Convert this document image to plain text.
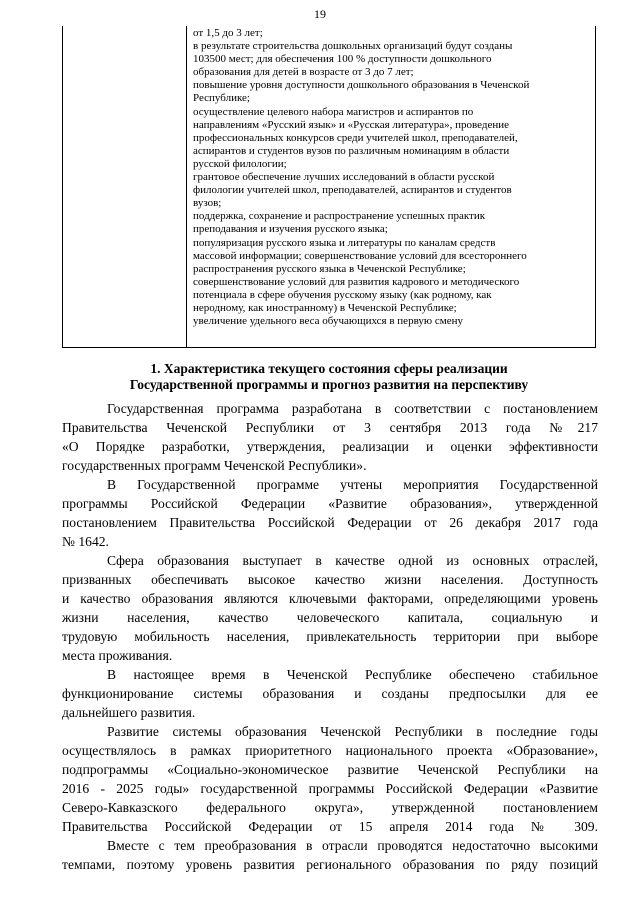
19
от 1,5 до 3 лет;
в результате строительства дошкольных организаций будут созданы
103500 мест; для обеспечения 100 % доступности дошкольного
образования для детей в возрасте от 3 до 7 лет;
повышение уровня доступности дошкольного образования в Чеченской
Республике;
осуществление целевого набора магистров и аспирантов по
направлениям «Русский язык» и «Русская литература», проведение
профессиональных конкурсов среди учителей школ, преподавателей,
аспирантов и студентов вузов по различным номинациям в области
русской филологии;
грантовое обеспечение лучших исследований в области русской
филологии учителей школ, преподавателей, аспирантов и студентов
вузов;
поддержка, сохранение и распространение успешных практик
преподавания и изучения русского языка;
популяризация русского языка и литературы по каналам средств
массовой информации; совершенствование условий для всестороннего
распространения русского языка в Чеченской Республике;
совершенствование условий для развития кадрового и методического
потенциала в сфере обучения русскому языку (как родному, как
неродному, как иностранному) в Чеченской Республике;
увеличение удельного веса обучающихся в первую смену
1. Характеристика текущего состояния сферы реализации
Государственной программы и прогноз развития на перспективу
Государственная программа разработана в соответствии с постановлением
Правительства Чеченской Республики от 3 сентября 2013 года №217
«О Порядке разработки, утверждения, реализации и оценки эффективности
государственных программ Чеченской Республики».
В Государственной программе учтены мероприятия Государственной
программы Российской Федерации «Развитие образования», утвержденной
постановлением Правительства Российской Федерации от 26 декабря 2017 года
№ 1642.
Сфера образования выступает в качестве одной из основных отраслей,
призванных обеспечивать высокое качество жизни населения. Доступность
и качество образования являются ключевыми факторами, определяющими уровень
жизни населения, качество человеческого капитала, социальную и
трудовую мобильность населения, привлекательность территории при выборе
места проживания.
В настоящее время в Чеченской Республике обеспечено стабильное
функционирование системы образования и созданы предпосылки для ее
дальнейшего развития.
Развитие системы образования Чеченской Республики в последние годы
осуществлялось в рамках приоритетного национального проекта «Образование»,
подпрограммы «Социально-экономическое развитие Чеченской Республики на
2016 - 2025 годы» государственной программы Российской Федерации «Развитие
Северо-Кавказского федерального округа», утвержденной постановлением
Правительства Российской Федерации от 15 апреля 2014 года № 309.
Вместе с тем преобразования в отрасли проводятся недостаточно высокими
темпами, поэтому уровень развития регионального образования по ряду позиций
